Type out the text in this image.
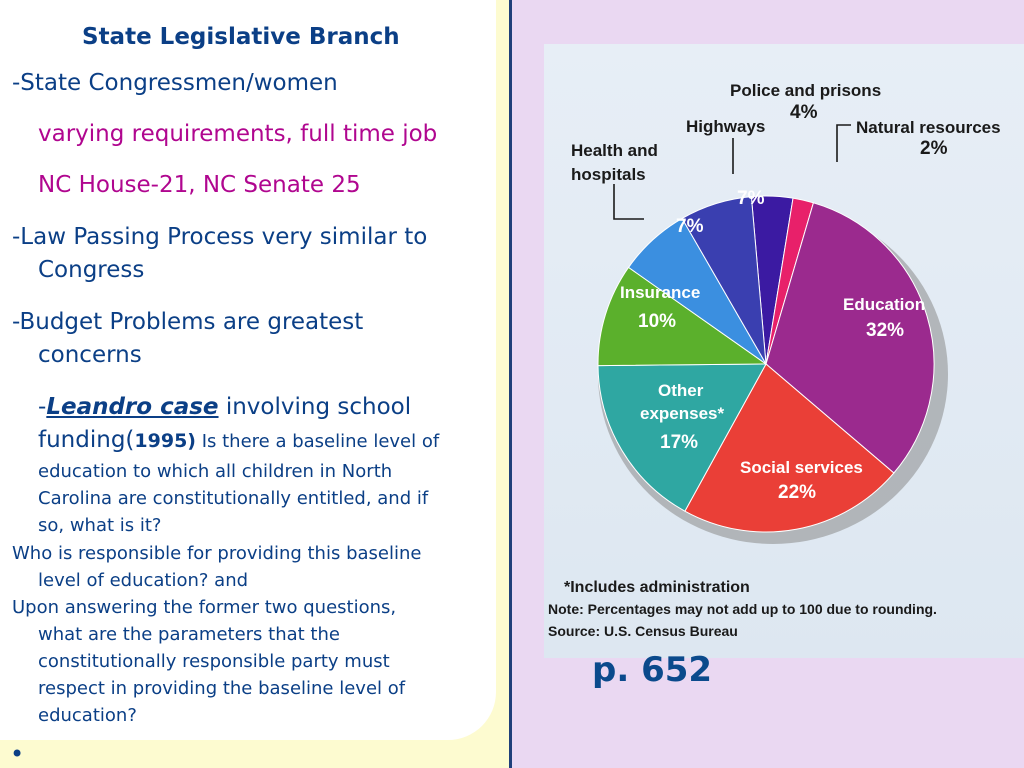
State Legislative Branch
-State Congressmen/women
varying requirements, full time job
NC House-21, NC Senate 25
-Law Passing Process very similar to
Congress
-Budget Problems are greatest
concerns
-Leandro case involving school
funding(1995) Is there a baseline level of
education to which all children in North
Carolina are constitutionally entitled, and if
so, what is it?
Who is responsible for providing this baseline
level of education? and
Upon answering the former two questions,
what are the parameters that the
constitutionally responsible party must
respect in providing the baseline level of
education?
•
Police and prisons
4%
Natural resources
2%
Highways
Health and
hospitals
7%
7%
Insurance
10%
Education
32%
Other
expenses*
17%
Social services
22%
*Includes administration
Note: Percentages may not add up to 100 due to rounding.
Source: U.S. Census Bureau
p. 652
